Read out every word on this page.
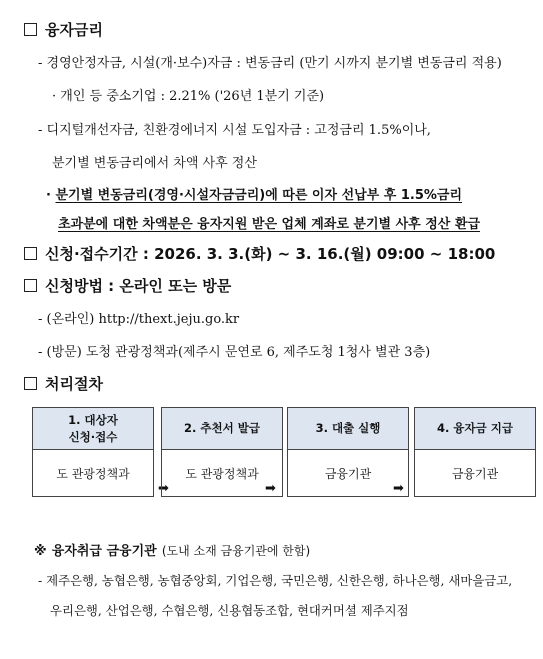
융자금리
- 경영안정자금, 시설(개·보수)자금 : 변동금리 (만기 시까지 분기별 변동금리 적용)
· 개인 등 중소기업 : 2.21% ('26년 1분기 기준)
- 디지털개선자금, 친환경에너지 시설 도입자금 : 고정금리 1.5%이나,
분기별 변동금리에서 차액 사후 정산
· 분기별 변동금리(경영·시설자금금리)에 따른 이자 선납부 후 1.5%금리
초과분에 대한 차액분은 융자지원 받은 업체 계좌로 분기별 사후 정산 환급
신청·접수기간 : 2026. 3. 3.(화) ~ 3. 16.(월) 09:00 ~ 18:00
신청방법 : 온라인 또는 방문
- (온라인) http://thext.jeju.go.kr
- (방문) 도청 관광정책과(제주시 문연로 6, 제주도청 1청사 별관 3층)
처리절차
1. 대상자
신청·접수
도 관광정책과
➡
2. 추천서 발급
도 관광정책과
➡
3. 대출 실행
금융기관
➡
4. 융자금 지급
금융기관
※ 융자취급 금융기관 (도내 소재 금융기관에 한함)
- 제주은행, 농협은행, 농협중앙회, 기업은행, 국민은행, 신한은행, 하나은행, 새마을금고,
우리은행, 산업은행, 수협은행, 신용협동조합, 현대커머셜 제주지점
